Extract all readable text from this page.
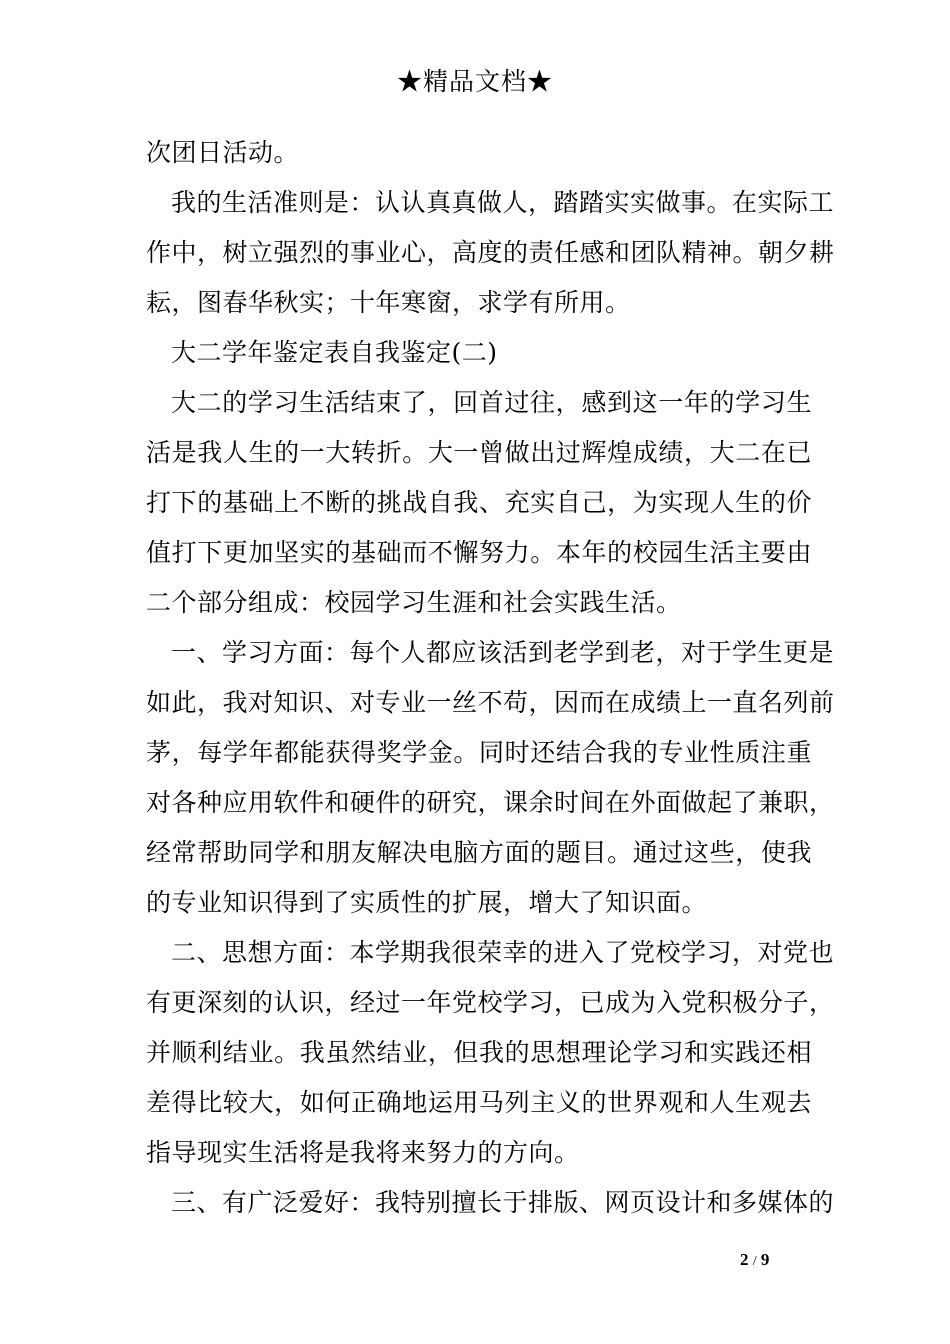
★精品文档★
次团日活动。
我的生活准则是：认认真真做人，踏踏实实做事。在实际工
作中，树立强烈的事业心，高度的责任感和团队精神。朝夕耕
耘，图春华秋实；十年寒窗，求学有所用。
大二学年鉴定表自我鉴定(二)
大二的学习生活结束了，回首过往，感到这一年的学习生
活是我人生的一大转折。大一曾做出过辉煌成绩，大二在已
打下的基础上不断的挑战自我、充实自己，为实现人生的价
值打下更加坚实的基础而不懈努力。本年的校园生活主要由
二个部分组成：校园学习生涯和社会实践生活。
一、学习方面：每个人都应该活到老学到老，对于学生更是
如此，我对知识、对专业一丝不苟，因而在成绩上一直名列前
茅，每学年都能获得奖学金。同时还结合我的专业性质注重
对各种应用软件和硬件的研究，课余时间在外面做起了兼职，
经常帮助同学和朋友解决电脑方面的题目。通过这些，使我
的专业知识得到了实质性的扩展，增大了知识面。
二、思想方面：本学期我很荣幸的进入了党校学习，对党也
有更深刻的认识，经过一年党校学习，已成为入党积极分子，
并顺利结业。我虽然结业，但我的思想理论学习和实践还相
差得比较大，如何正确地运用马列主义的世界观和人生观去
指导现实生活将是我将来努力的方向。
三、有广泛爱好：我特别擅长于排版、网页设计和多媒体的
2 / 9
